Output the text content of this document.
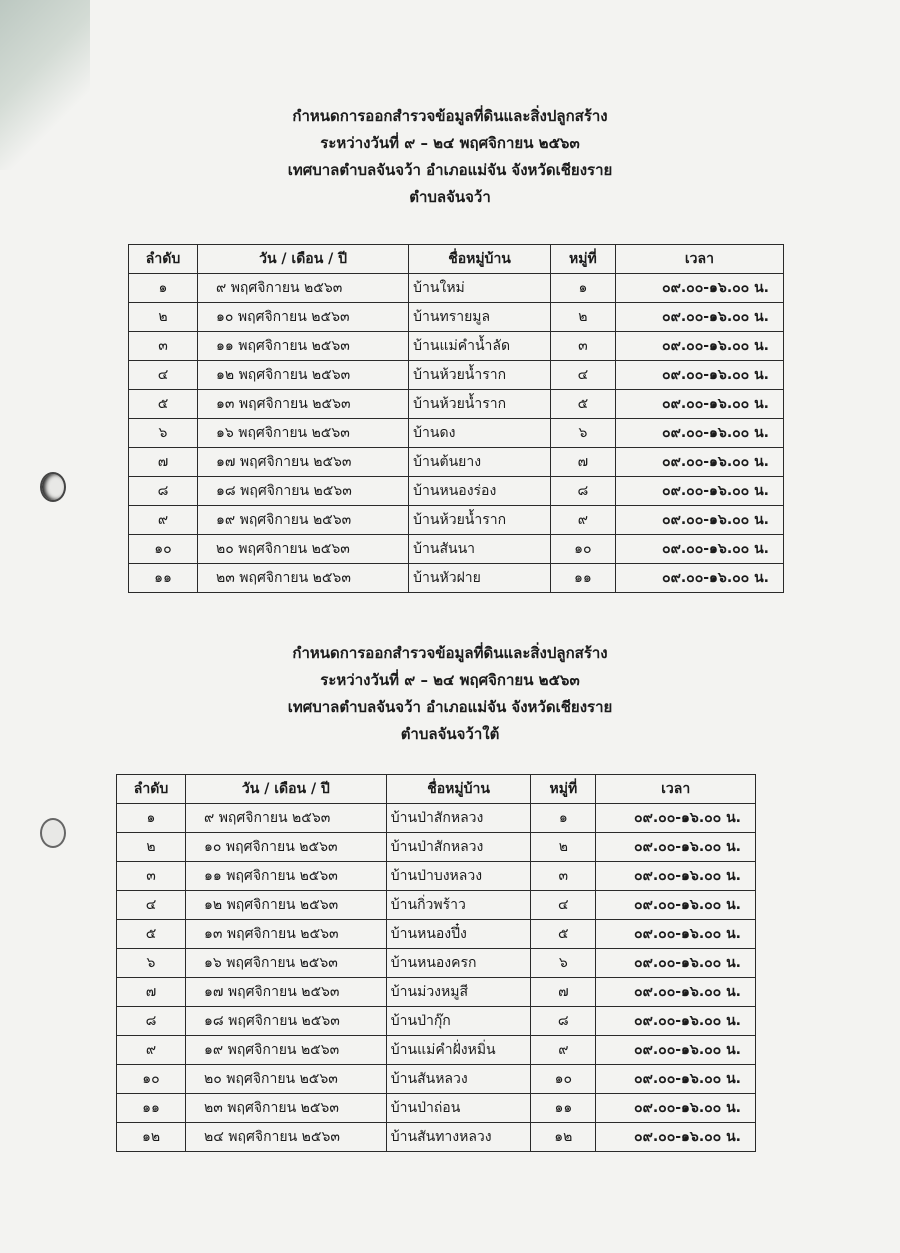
กำหนดการออกสำรวจข้อมูลที่ดินและสิ่งปลูกสร้าง
ระหว่างวันที่ ๙ – ๒๔ พฤศจิกายน ๒๕๖๓
เทศบาลตำบลจันจว้า อำเภอแม่จัน จังหวัดเชียงราย
ตำบลจันจว้า
ลำดับ	วัน / เดือน / ปี	ชื่อหมู่บ้าน	หมู่ที่	เวลา
๑	๙ พฤศจิกายน ๒๕๖๓	บ้านใหม่	๑	๐๙.๐๐-๑๖.๐๐ น.
๒	๑๐ พฤศจิกายน ๒๕๖๓	บ้านทรายมูล	๒	๐๙.๐๐-๑๖.๐๐ น.
๓	๑๑ พฤศจิกายน ๒๕๖๓	บ้านแม่คำน้ำลัด	๓	๐๙.๐๐-๑๖.๐๐ น.
๔	๑๒ พฤศจิกายน ๒๕๖๓	บ้านห้วยน้ำราก	๔	๐๙.๐๐-๑๖.๐๐ น.
๕	๑๓ พฤศจิกายน ๒๕๖๓	บ้านห้วยน้ำราก	๕	๐๙.๐๐-๑๖.๐๐ น.
๖	๑๖ พฤศจิกายน ๒๕๖๓	บ้านดง	๖	๐๙.๐๐-๑๖.๐๐ น.
๗	๑๗ พฤศจิกายน ๒๕๖๓	บ้านต้นยาง	๗	๐๙.๐๐-๑๖.๐๐ น.
๘	๑๘ พฤศจิกายน ๒๕๖๓	บ้านหนองร่อง	๘	๐๙.๐๐-๑๖.๐๐ น.
๙	๑๙ พฤศจิกายน ๒๕๖๓	บ้านห้วยน้ำราก	๙	๐๙.๐๐-๑๖.๐๐ น.
๑๐	๒๐ พฤศจิกายน ๒๕๖๓	บ้านสันนา	๑๐	๐๙.๐๐-๑๖.๐๐ น.
๑๑	๒๓ พฤศจิกายน ๒๕๖๓	บ้านหัวฝาย	๑๑	๐๙.๐๐-๑๖.๐๐ น.
กำหนดการออกสำรวจข้อมูลที่ดินและสิ่งปลูกสร้าง
ระหว่างวันที่ ๙ – ๒๔ พฤศจิกายน ๒๕๖๓
เทศบาลตำบลจันจว้า อำเภอแม่จัน จังหวัดเชียงราย
ตำบลจันจว้าใต้
ลำดับ	วัน / เดือน / ปี	ชื่อหมู่บ้าน	หมู่ที่	เวลา
๑	๙ พฤศจิกายน ๒๕๖๓	บ้านป่าสักหลวง	๑	๐๙.๐๐-๑๖.๐๐ น.
๒	๑๐ พฤศจิกายน ๒๕๖๓	บ้านป่าสักหลวง	๒	๐๙.๐๐-๑๖.๐๐ น.
๓	๑๑ พฤศจิกายน ๒๕๖๓	บ้านป่าบงหลวง	๓	๐๙.๐๐-๑๖.๐๐ น.
๔	๑๒ พฤศจิกายน ๒๕๖๓	บ้านกิ่วพร้าว	๔	๐๙.๐๐-๑๖.๐๐ น.
๕	๑๓ พฤศจิกายน ๒๕๖๓	บ้านหนองปึ๋ง	๕	๐๙.๐๐-๑๖.๐๐ น.
๖	๑๖ พฤศจิกายน ๒๕๖๓	บ้านหนองครก	๖	๐๙.๐๐-๑๖.๐๐ น.
๗	๑๗ พฤศจิกายน ๒๕๖๓	บ้านม่วงหมูสี	๗	๐๙.๐๐-๑๖.๐๐ น.
๘	๑๘ พฤศจิกายน ๒๕๖๓	บ้านป่ากุ๊ก	๘	๐๙.๐๐-๑๖.๐๐ น.
๙	๑๙ พฤศจิกายน ๒๕๖๓	บ้านแม่คำฝั่งหมิ่น	๙	๐๙.๐๐-๑๖.๐๐ น.
๑๐	๒๐ พฤศจิกายน ๒๕๖๓	บ้านสันหลวง	๑๐	๐๙.๐๐-๑๖.๐๐ น.
๑๑	๒๓ พฤศจิกายน ๒๕๖๓	บ้านป่าถ่อน	๑๑	๐๙.๐๐-๑๖.๐๐ น.
๑๒	๒๔ พฤศจิกายน ๒๕๖๓	บ้านสันทางหลวง	๑๒	๐๙.๐๐-๑๖.๐๐ น.
